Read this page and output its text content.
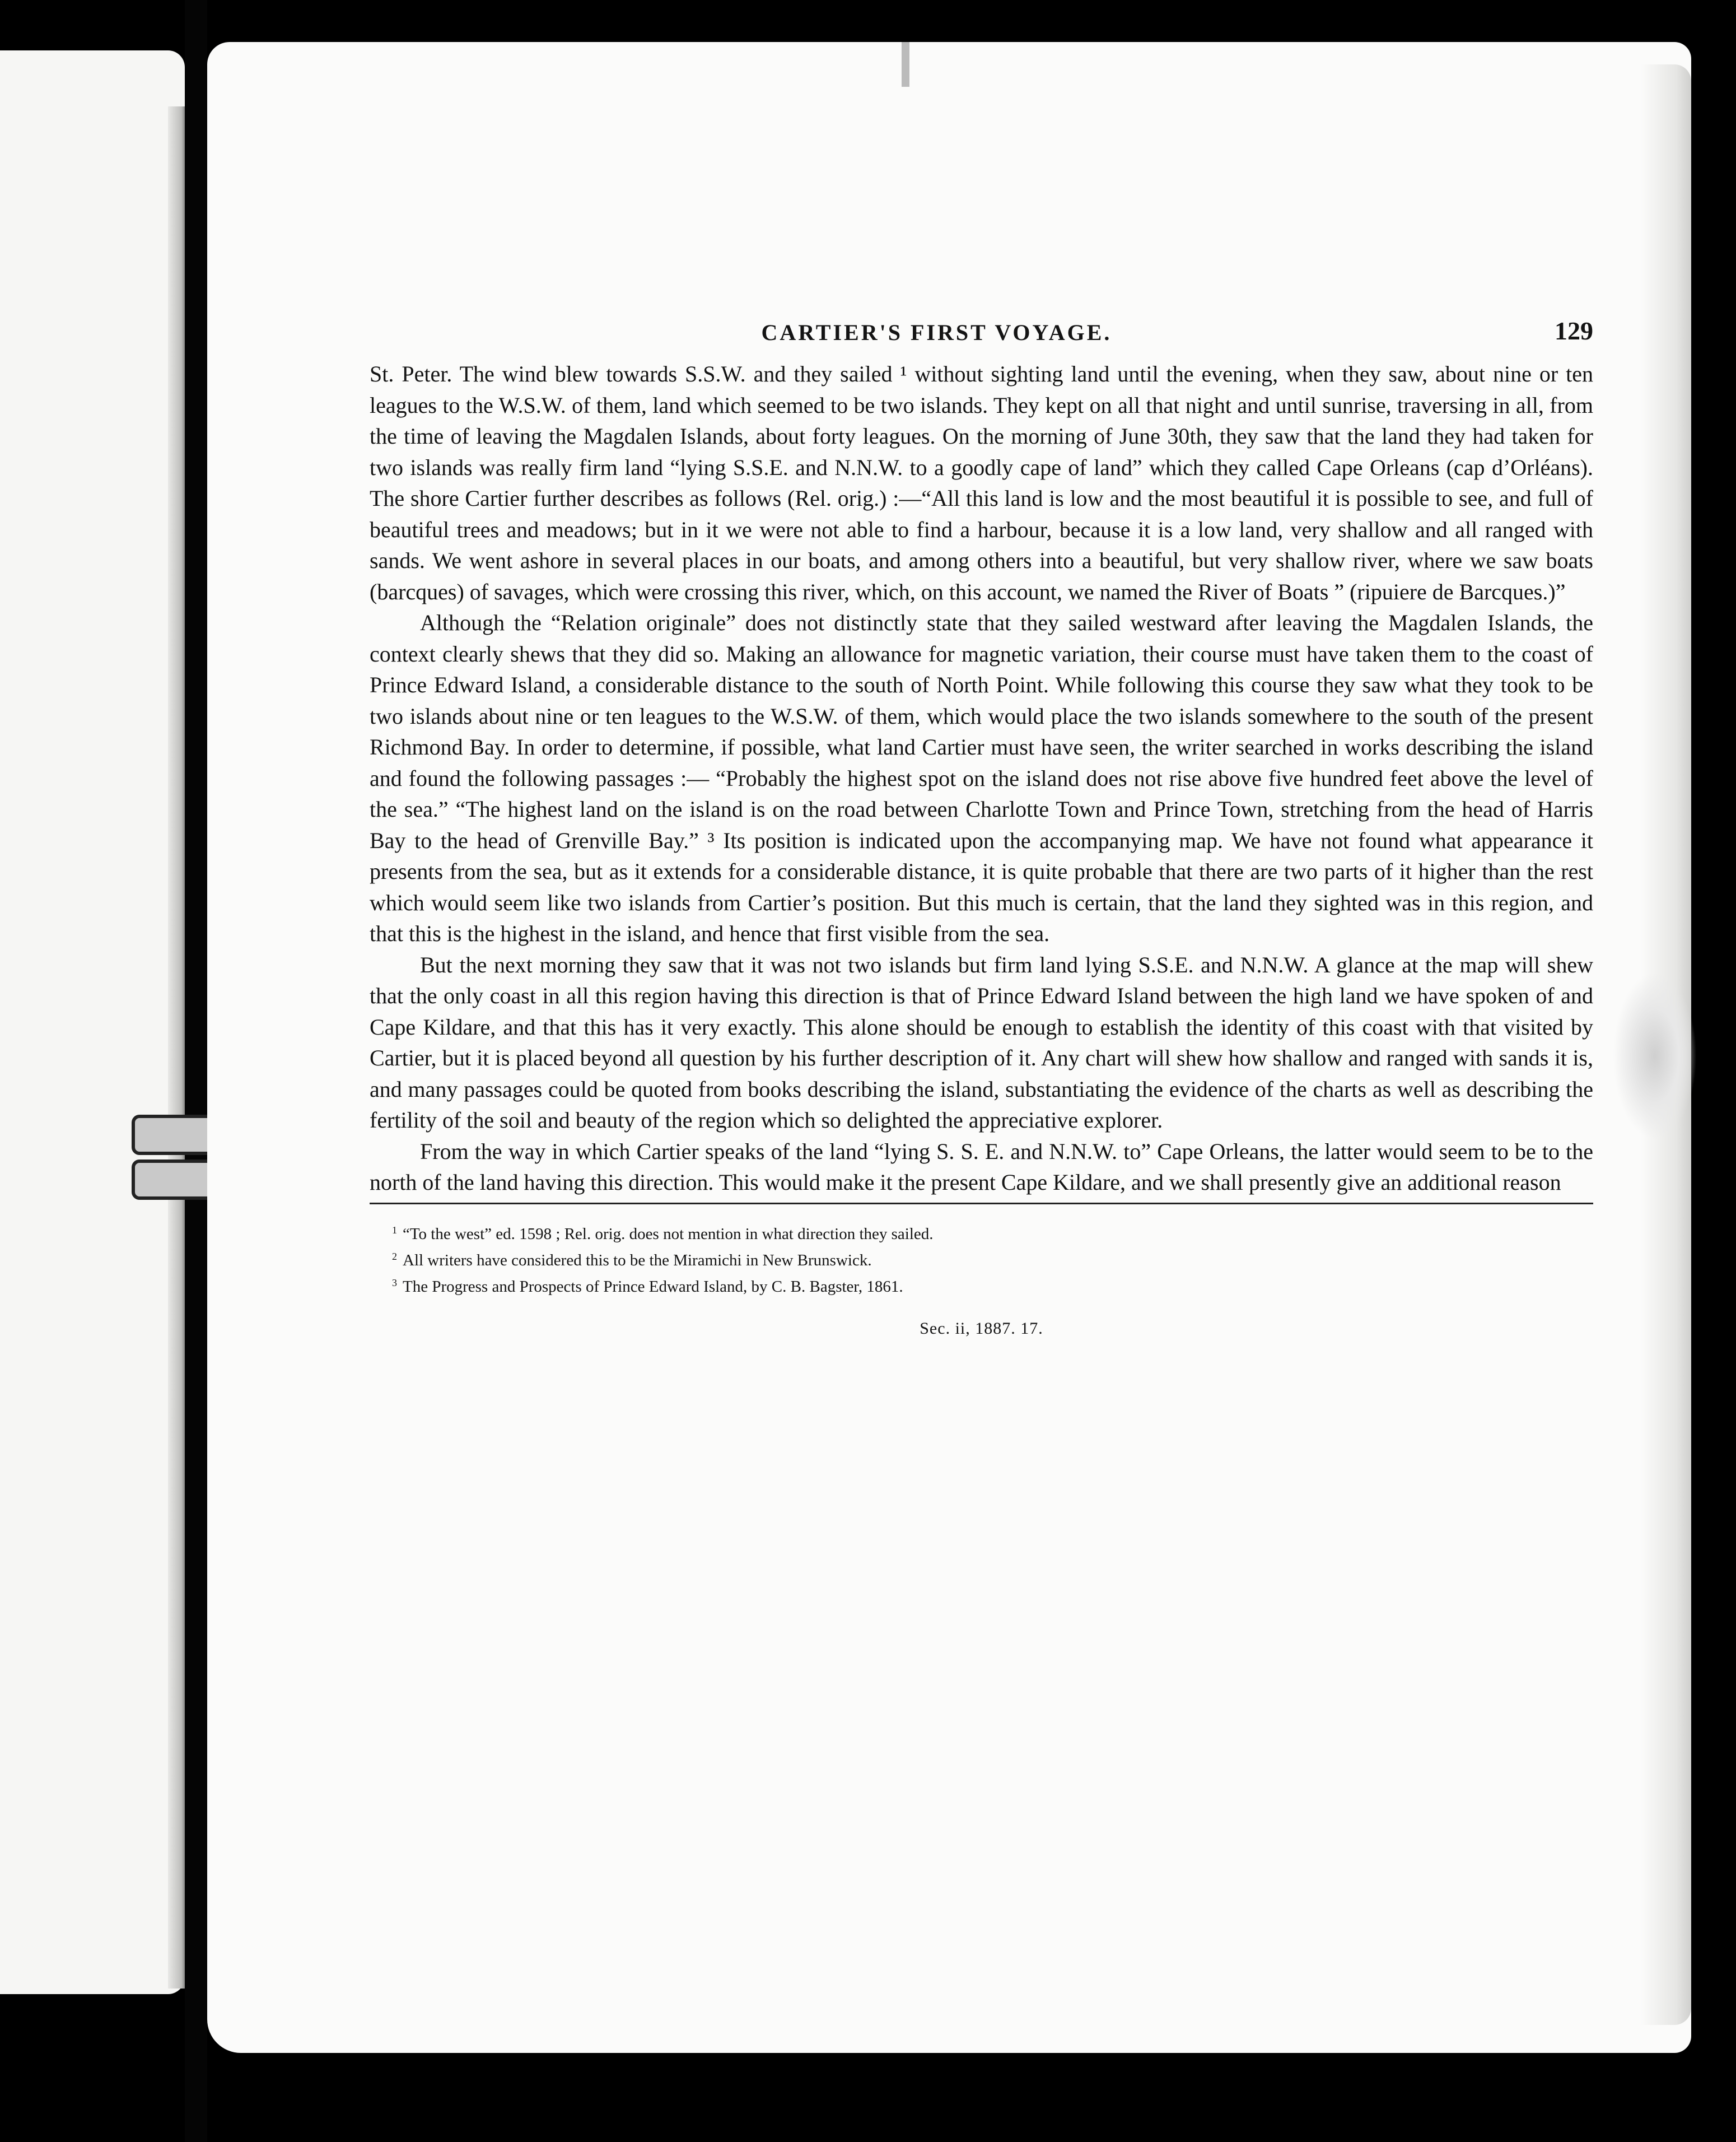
CARTIER'S FIRST VOYAGE.	129

St. Peter. The wind blew towards S.S.W. and they sailed ¹ without sighting land until the evening, when they saw, about nine or ten leagues to the W.S.W. of them, land which seemed to be two islands. They kept on all that night and until sunrise, traversing in all, from the time of leaving the Magdalen Islands, about forty leagues. On the morning of June 30th, they saw that the land they had taken for two islands was really firm land “lying S.S.E. and N.N.W. to a goodly cape of land” which they called Cape Orleans (cap d’Orléans). The shore Cartier further describes as follows (Rel. orig.) :—“All this land is low and the most beautiful it is possible to see, and full of beautiful trees and meadows; but in it we were not able to find a harbour, because it is a low land, very shallow and all ranged with sands. We went ashore in several places in our boats, and among others into a beautiful, but very shallow river, where we saw boats (barcques) of savages, which were crossing this river, which, on this account, we named the River of Boats ” (ripuiere de Barcques.)”

Although the “Relation originale” does not distinctly state that they sailed westward after leaving the Magdalen Islands, the context clearly shews that they did so. Making an allowance for magnetic variation, their course must have taken them to the coast of Prince Edward Island, a considerable distance to the south of North Point. While following this course they saw what they took to be two islands about nine or ten leagues to the W.S.W. of them, which would place the two islands somewhere to the south of the present Richmond Bay. In order to determine, if possible, what land Cartier must have seen, the writer searched in works describing the island and found the following passages :— “Probably the highest spot on the island does not rise above five hundred feet above the level of the sea.” “The highest land on the island is on the road between Charlotte Town and Prince Town, stretching from the head of Harris Bay to the head of Grenville Bay.” ³ Its position is indicated upon the accompanying map. We have not found what appearance it presents from the sea, but as it extends for a considerable distance, it is quite probable that there are two parts of it higher than the rest which would seem like two islands from Cartier’s position. But this much is certain, that the land they sighted was in this region, and that this is the highest in the island, and hence that first visible from the sea.

But the next morning they saw that it was not two islands but firm land lying S.S.E. and N.N.W. A glance at the map will shew that the only coast in all this region having this direction is that of Prince Edward Island between the high land we have spoken of and Cape Kildare, and that this has it very exactly. This alone should be enough to establish the identity of this coast with that visited by Cartier, but it is placed beyond all question by his further description of it. Any chart will shew how shallow and ranged with sands it is, and many passages could be quoted from books describing the island, substantiating the evidence of the charts as well as describing the fertility of the soil and beauty of the region which so delighted the appreciative explorer.

From the way in which Cartier speaks of the land “lying S. S. E. and N.N.W. to” Cape Orleans, the latter would seem to be to the north of the land having this direction. This would make it the present Cape Kildare, and we shall presently give an additional reason

$^1$ “To the west” ed. 1598 ; Rel. orig. does not mention in what direction they sailed.

$^2$ All writers have considered this to be the Miramichi in New Brunswick.

$^3$ The Progress and Prospects of Prince Edward Island, by C. B. Bagster, 1861.

Sec. ii, 1887. 17.
